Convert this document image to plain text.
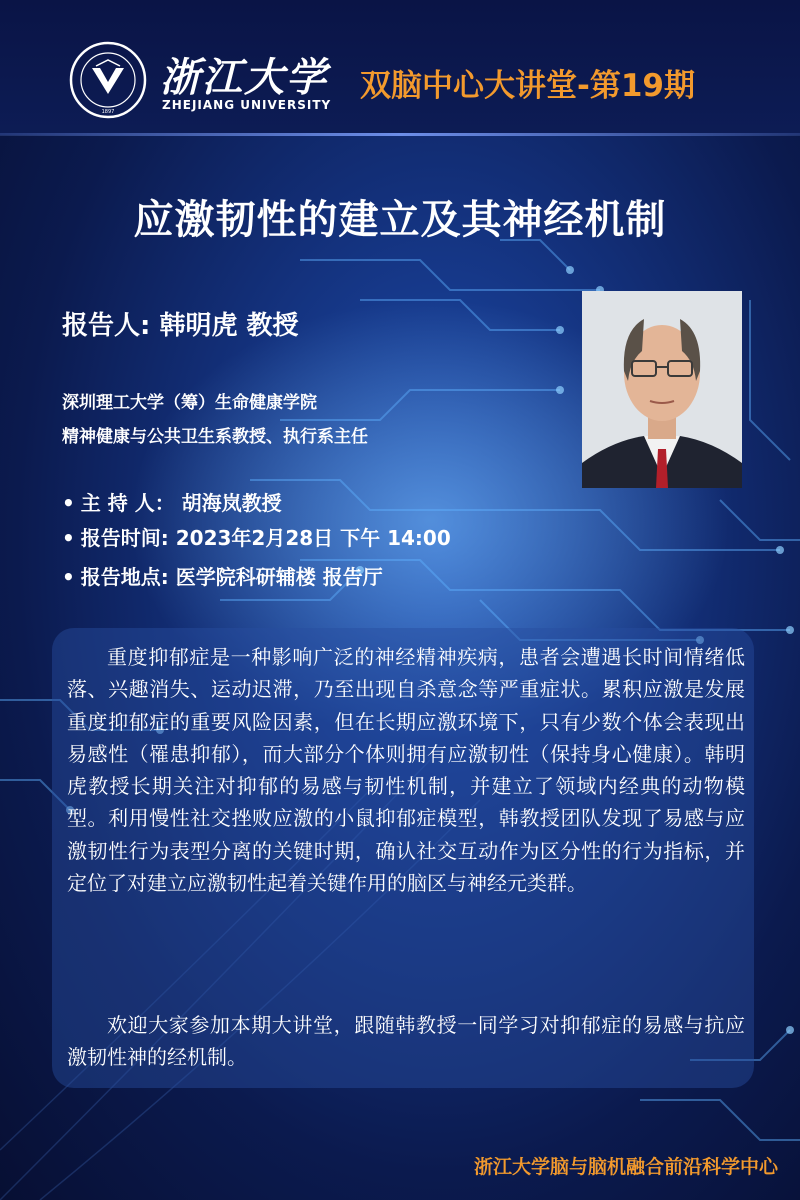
1897
浙江大学
ZHEJIANG UNIVERSITY
双脑中心大讲堂-第19期
应激韧性的建立及其神经机制
报告人: 韩明虎 教授
深圳理工大学（筹）生命健康学院
精神健康与公共卫生系教授、执行系主任
• 主 持 人： 胡海岚教授
• 报告时间: 2023年2月28日 下午 14:00
• 报告地点: 医学院科研辅楼 报告厅

重度抑郁症是一种影响广泛的神经精神疾病，患者会遭遇长时间情绪低落、兴趣消失、运动迟滞，乃至出现自杀意念等严重症状。累积应激是发展重度抑郁症的重要风险因素，但在长期应激环境下，只有少数个体会表现出易感性（罹患抑郁），而大部分个体则拥有应激韧性（保持身心健康）。韩明虎教授长期关注对抑郁的易感与韧性机制，并建立了领域内经典的动物模型。利用慢性社交挫败应激的小鼠抑郁症模型，韩教授团队发现了易感与应激韧性行为表型分离的关键时期，确认社交互动作为区分性的行为指标，并定位了对建立应激韧性起着关键作用的脑区与神经元类群。

欢迎大家参加本期大讲堂，跟随韩教授一同学习对抑郁症的易感与抗应激韧性神的经机制。

浙江大学脑与脑机融合前沿科学中心
